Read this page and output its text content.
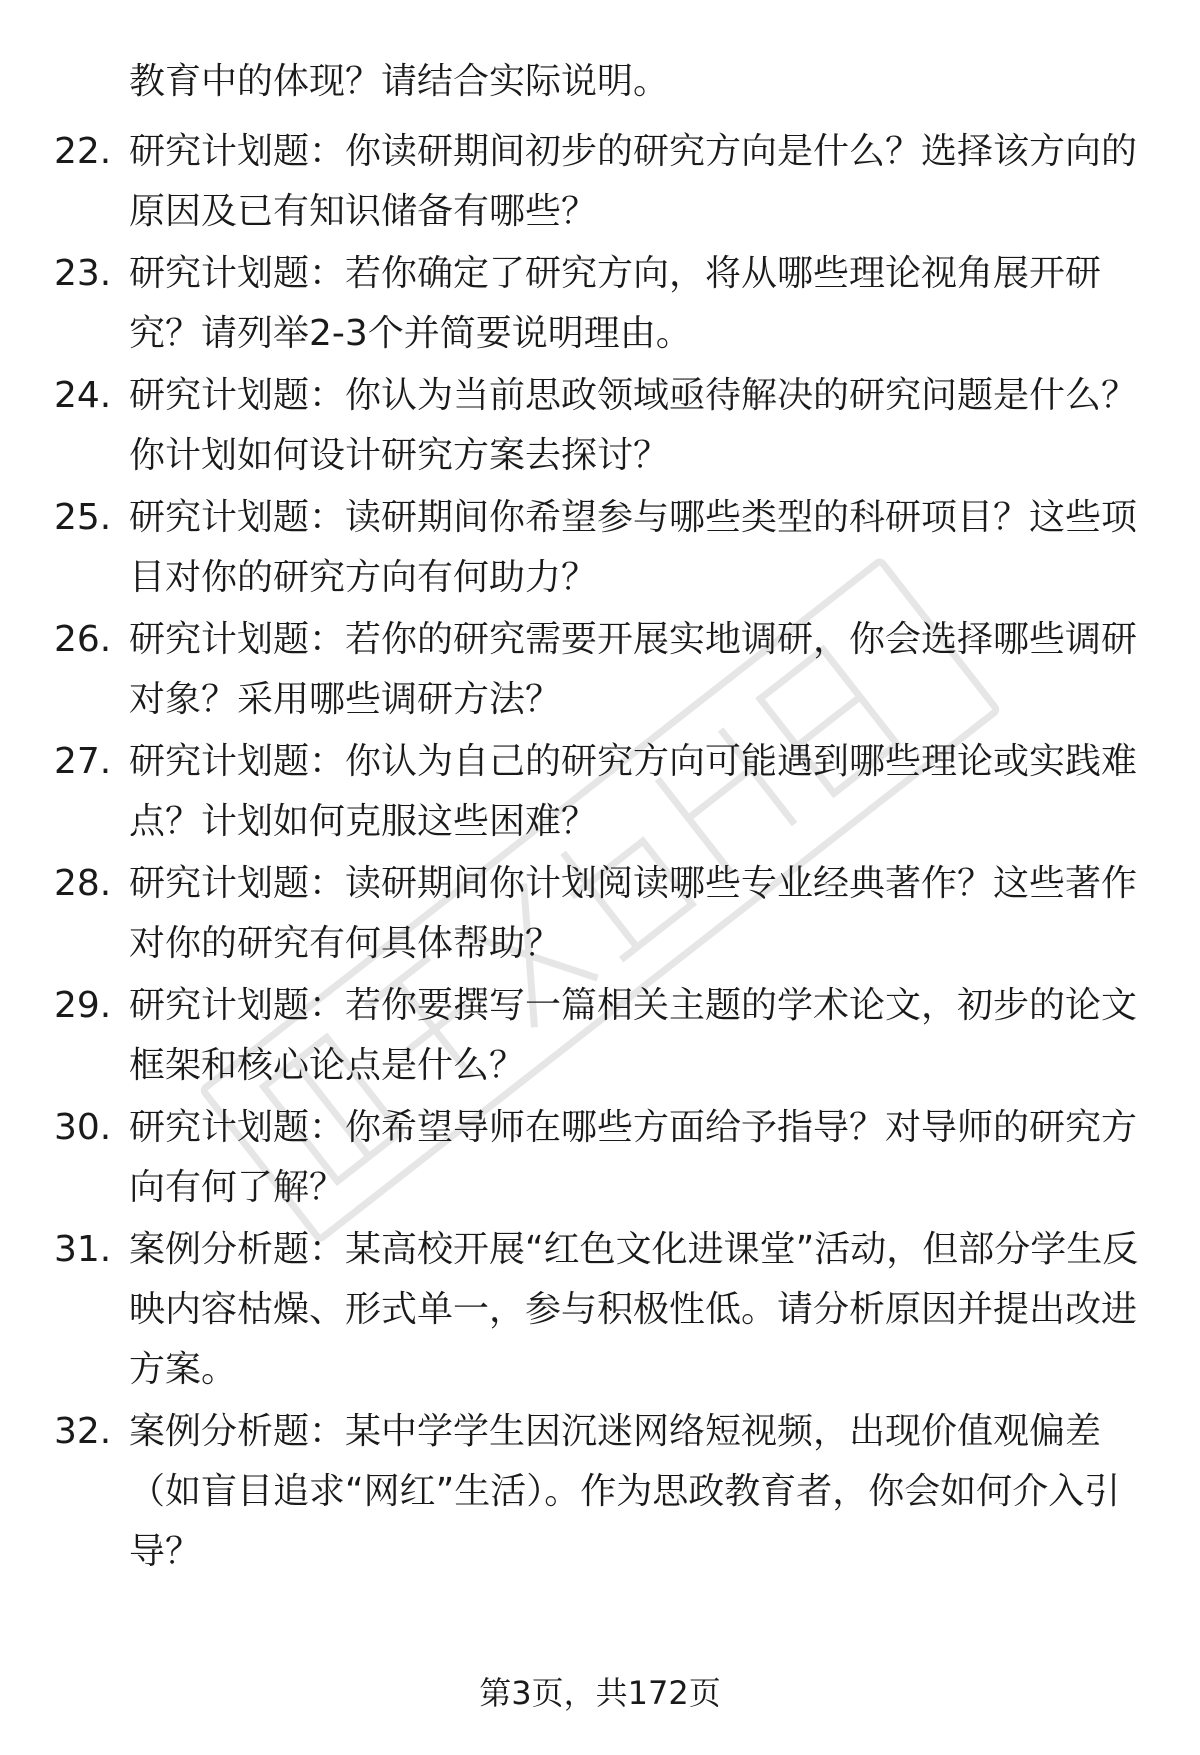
教育中的体现？请结合实际说明。
22. 研究计划题：你读研期间初步的研究方向是什么？选择该方向的原因及已有知识储备有哪些？
23. 研究计划题：若你确定了研究方向，将从哪些理论视角展开研究？请列举2-3个并简要说明理由。
24. 研究计划题：你认为当前思政领域亟待解决的研究问题是什么？你计划如何设计研究方案去探讨？
25. 研究计划题：读研期间你希望参与哪些类型的科研项目？这些项目对你的研究方向有何助力？
26. 研究计划题：若你的研究需要开展实地调研，你会选择哪些调研对象？采用哪些调研方法？
27. 研究计划题：你认为自己的研究方向可能遇到哪些理论或实践难点？计划如何克服这些困难？
28. 研究计划题：读研期间你计划阅读哪些专业经典著作？这些著作对你的研究有何具体帮助？
29. 研究计划题：若你要撰写一篇相关主题的学术论文，初步的论文框架和核心论点是什么？
30. 研究计划题：你希望导师在哪些方面给予指导？对导师的研究方向有何了解？
31. 案例分析题：某高校开展“红色文化进课堂”活动，但部分学生反映内容枯燥、形式单一，参与积极性低。请分析原因并提出改进方案。
32. 案例分析题：某中学学生因沉迷网络短视频，出现价值观偏差（如盲目追求“网红”生活）。作为思政教育者，你会如何介入引导？
第3页，共172页
